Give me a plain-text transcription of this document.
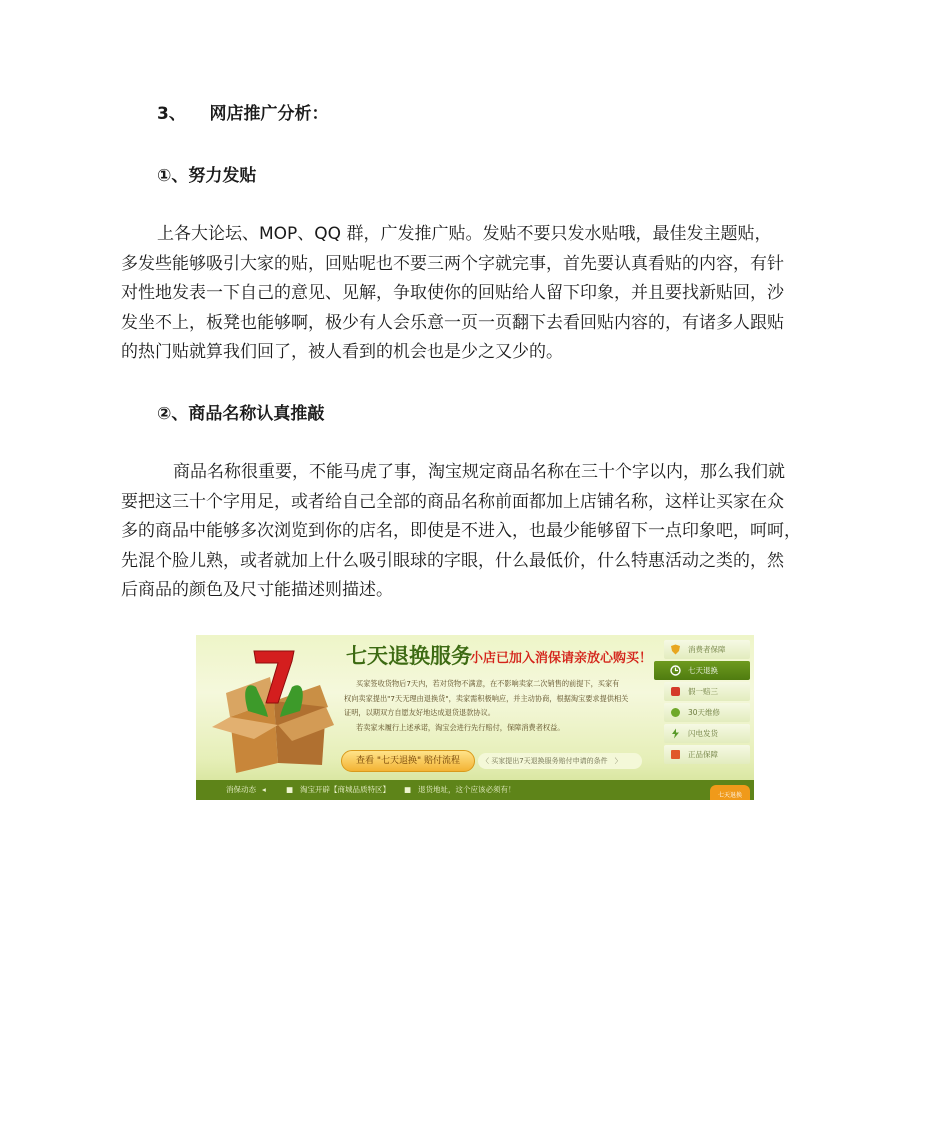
3、 网店推广分析：
①、努力发贴
上各大论坛、MOP、QQ 群，广发推广贴。发贴不要只发水贴哦，最佳发主题贴，
多发些能够吸引大家的贴，回贴呢也不要三两个字就完事，首先要认真看贴的内容，有针
对性地发表一下自己的意见、见解，争取使你的回贴给人留下印象，并且要找新贴回，沙
发坐不上，板凳也能够啊，极少有人会乐意一页一页翻下去看回贴内容的，有诸多人跟贴
的热门贴就算我们回了，被人看到的机会也是少之又少的。
②、商品名称认真推敲
商品名称很重要，不能马虎了事，淘宝规定商品名称在三十个字以内，那么我们就
要把这三十个字用足，或者给自己全部的商品名称前面都加上店铺名称，这样让买家在众
多的商品中能够多次浏览到你的店名，即使是不进入，也最少能够留下一点印象吧，呵呵，
先混个脸儿熟，或者就加上什么吸引眼球的字眼，什么最低价，什么特惠活动之类的，然
后商品的颜色及尺寸能描述则描述。
七天退换服务
小店已加入消保请亲放心购买！
买家签收货物后7天内，若对货物不满意，在不影响卖家二次销售的前提下，买家有
权向卖家提出"7天无理由退换货"，卖家需积极响应，并主动协商，根据淘宝要求提供相关
证明，以期双方自愿友好地达成退货退款协议。
若卖家未履行上述承诺，淘宝会进行先行赔付，保障消费者权益。
查看 "七天退换" 赔付流程	〈 买家提出7天退换服务赔付申请的条件　〉
消费者保障
七天退换
假一赔三
30天维修
闪电发货
正品保障
消保动态 ◂	■ 淘宝开辟【商城品质特区】 ■ 退货地址，这个应该必须有！
七天退换
